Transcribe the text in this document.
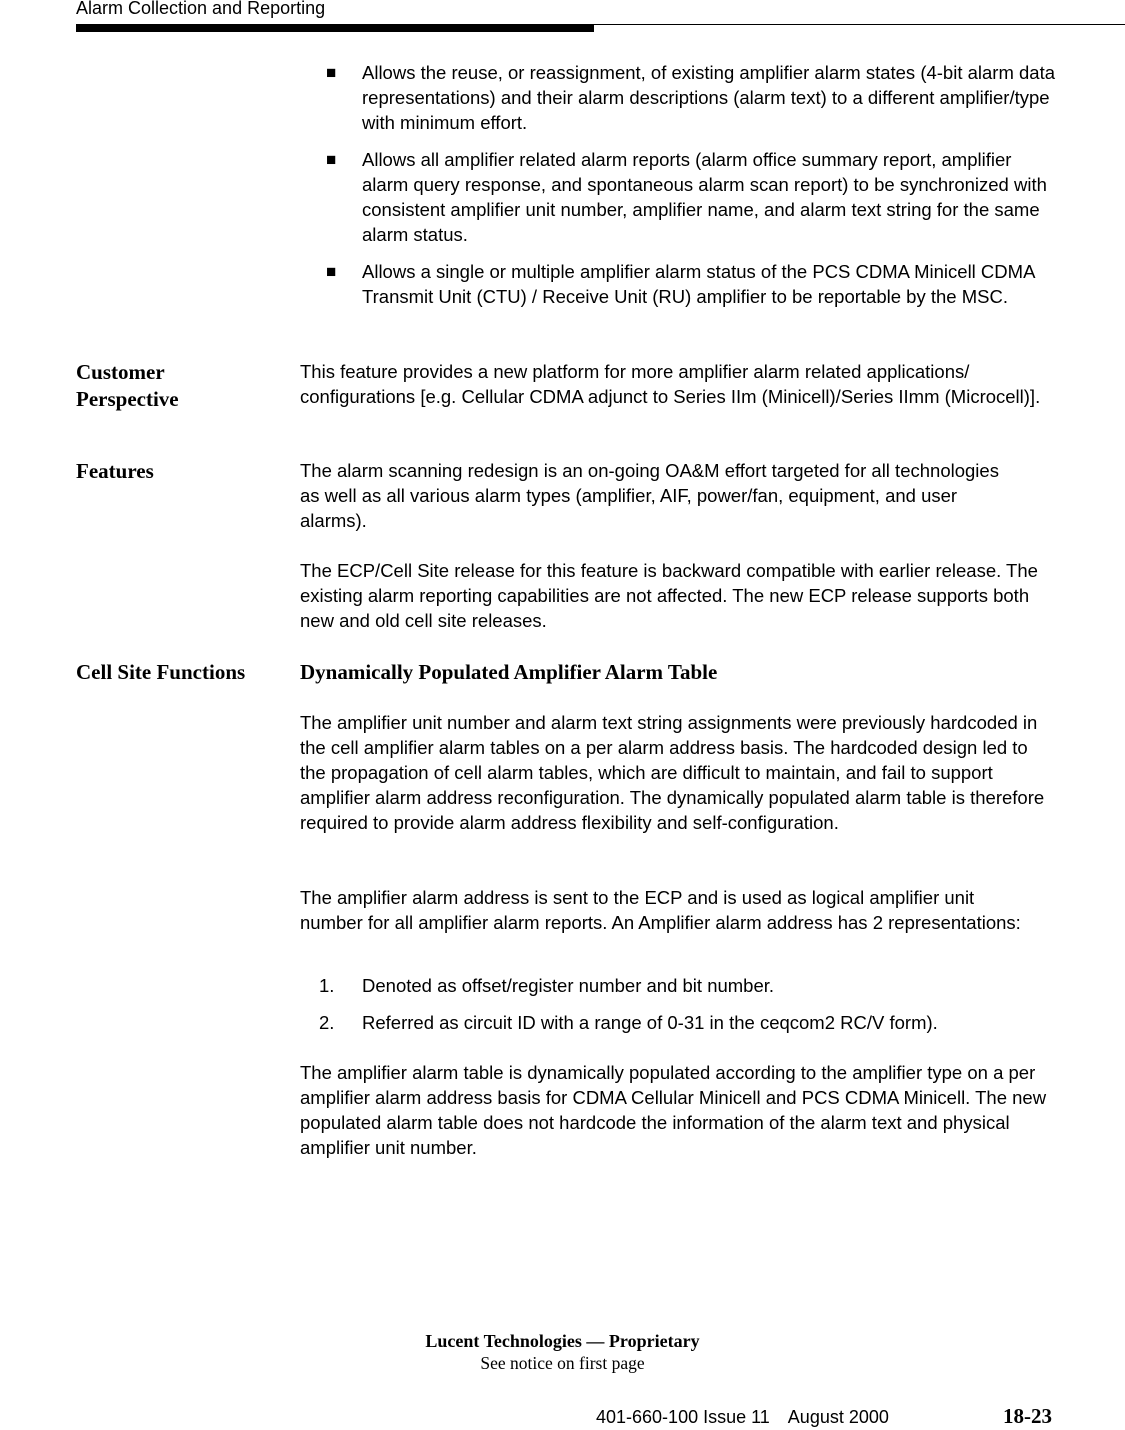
Alarm Collection and Reporting
■ Allows the reuse, or reassignment, of existing amplifier alarm states (4-bit alarm data representations) and their alarm descriptions (alarm text) to a different amplifier/type with minimum effort.
■ Allows all amplifier related alarm reports (alarm office summary report, amplifier alarm query response, and spontaneous alarm scan report) to be synchronized with consistent amplifier unit number, amplifier name, and alarm text string for the same alarm status.
■ Allows a single or multiple amplifier alarm status of the PCS CDMA Minicell CDMA Transmit Unit (CTU) / Receive Unit (RU) amplifier to be reportable by the MSC.
Customer Perspective

This feature provides a new platform for more amplifier alarm related applications/ configurations [e.g. Cellular CDMA adjunct to Series IIm (Minicell)/Series IImm (Microcell)].

Features	The alarm scanning redesign is an on-going OA&M effort targeted for all technologies as well as all various alarm types (amplifier, AIF, power/fan, equipment, and user alarms).

The ECP/Cell Site release for this feature is backward compatible with earlier release. The existing alarm reporting capabilities are not affected. The new ECP release supports both new and old cell site releases.

Cell Site Functions	Dynamically Populated Amplifier Alarm Table

The amplifier unit number and alarm text string assignments were previously hardcoded in the cell amplifier alarm tables on a per alarm address basis. The hardcoded design led to the propagation of cell alarm tables, which are difficult to maintain, and fail to support amplifier alarm address reconfiguration. The dynamically populated alarm table is therefore required to provide alarm address flexibility and self-configuration.

The amplifier alarm address is sent to the ECP and is used as logical amplifier unit number for all amplifier alarm reports. An Amplifier alarm address has 2 representations:

1. Denoted as offset/register number and bit number.
2. Referred as circuit ID with a range of 0-31 in the ceqcom2 RC/V form).

The amplifier alarm table is dynamically populated according to the amplifier type on a per amplifier alarm address basis for CDMA Cellular Minicell and PCS CDMA Minicell. The new populated alarm table does not hardcode the information of the alarm text and physical amplifier unit number.

Lucent Technologies — Proprietary
See notice on first page
401-660-100 Issue 11 August 2000	18-23
